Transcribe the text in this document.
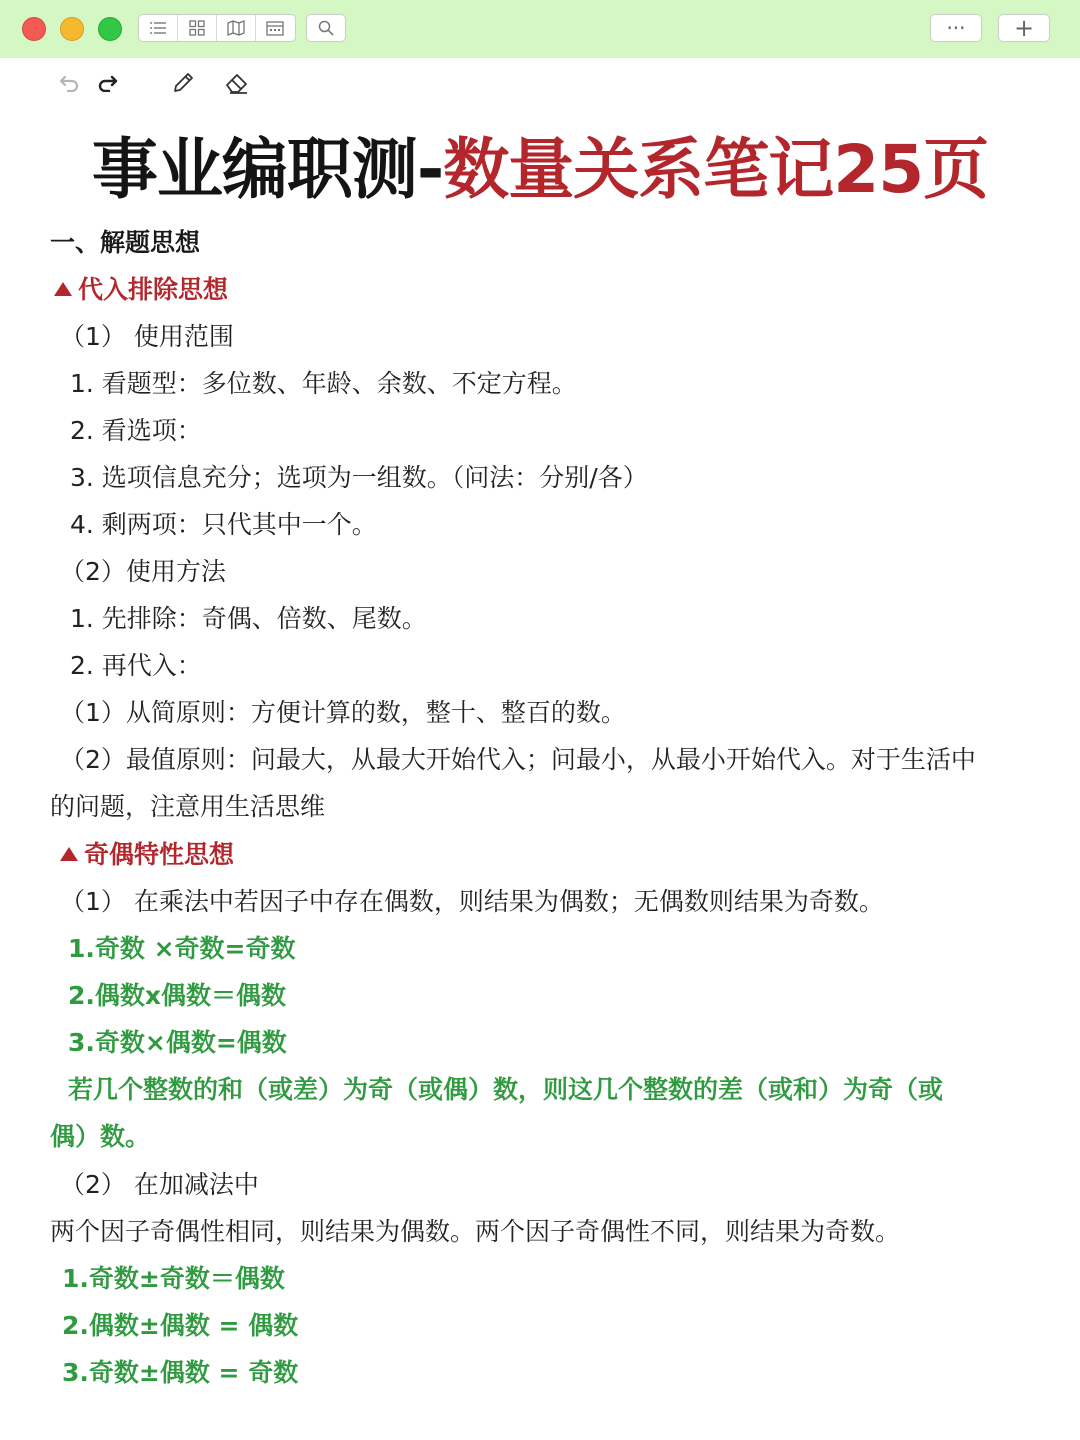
··· +
事业编职测-数量关系笔记25页
一、解题思想
代入排除思想
（1） 使用范围
1. 看题型：多位数、年龄、余数、不定方程。
2. 看选项：
3. 选项信息充分；选项为一组数。（问法：分别/各）
4. 剩两项：只代其中一个。
（2）使用方法
1. 先排除：奇偶、倍数、尾数。
2. 再代入：
（1）从简原则：方便计算的数，整十、整百的数。
（2）最值原则：问最大，从最大开始代入；问最小，从最小开始代入。对于生活中
的问题，注意用生活思维
奇偶特性思想
（1） 在乘法中若因子中存在偶数，则结果为偶数；无偶数则结果为奇数。
1.奇数 ×奇数=奇数
2.偶数x偶数＝偶数
3.奇数×偶数=偶数
若几个整数的和（或差）为奇（或偶）数，则这几个整数的差（或和）为奇（或
偶）数。
（2） 在加减法中
两个因子奇偶性相同，则结果为偶数。两个因子奇偶性不同，则结果为奇数。
1.奇数±奇数＝偶数
2.偶数±偶数 = 偶数
3.奇数±偶数 = 奇数
